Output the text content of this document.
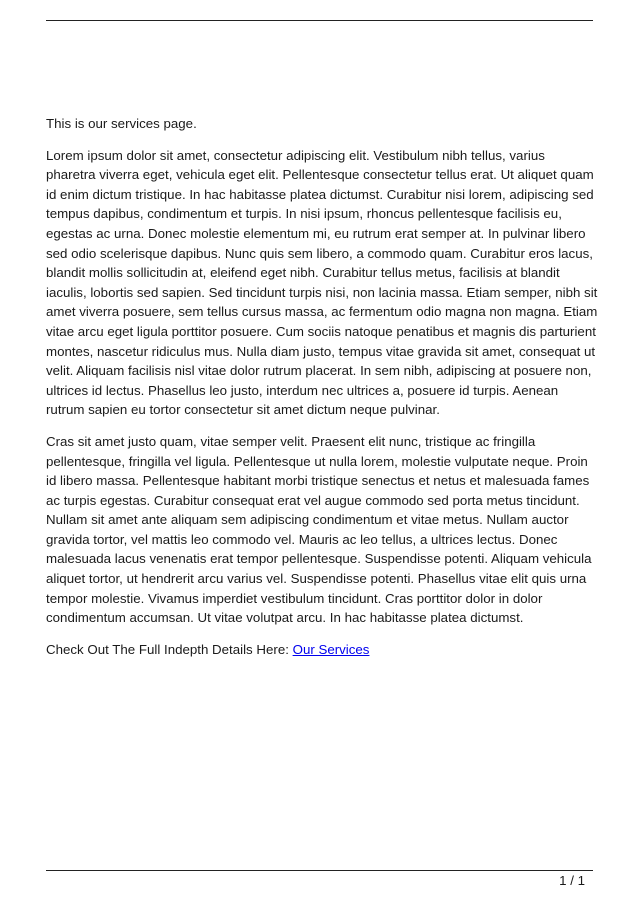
This is our services page.

Lorem ipsum dolor sit amet, consectetur adipiscing elit. Vestibulum nibh tellus, varius pharetra viverra eget, vehicula eget elit. Pellentesque consectetur tellus erat. Ut aliquet quam id enim dictum tristique. In hac habitasse platea dictumst. Curabitur nisi lorem, adipiscing sed tempus dapibus, condimentum et turpis. In nisi ipsum, rhoncus pellentesque facilisis eu, egestas ac urna. Donec molestie elementum mi, eu rutrum erat semper at. In pulvinar libero sed odio scelerisque dapibus. Nunc quis sem libero, a commodo quam. Curabitur eros lacus, blandit mollis sollicitudin at, eleifend eget nibh. Curabitur tellus metus, facilisis at blandit iaculis, lobortis sed sapien. Sed tincidunt turpis nisi, non lacinia massa. Etiam semper, nibh sit amet viverra posuere, sem tellus cursus massa, ac fermentum odio magna non magna. Etiam vitae arcu eget ligula porttitor posuere. Cum sociis natoque penatibus et magnis dis parturient montes, nascetur ridiculus mus. Nulla diam justo, tempus vitae gravida sit amet, consequat ut velit. Aliquam facilisis nisl vitae dolor rutrum placerat. In sem nibh, adipiscing at posuere non, ultrices id lectus. Phasellus leo justo, interdum nec ultrices a, posuere id turpis. Aenean rutrum sapien eu tortor consectetur sit amet dictum neque pulvinar.

Cras sit amet justo quam, vitae semper velit. Praesent elit nunc, tristique ac fringilla pellentesque, fringilla vel ligula. Pellentesque ut nulla lorem, molestie vulputate neque. Proin id libero massa. Pellentesque habitant morbi tristique senectus et netus et malesuada fames ac turpis egestas. Curabitur consequat erat vel augue commodo sed porta metus tincidunt. Nullam sit amet ante aliquam sem adipiscing condimentum et vitae metus. Nullam auctor gravida tortor, vel mattis leo commodo vel. Mauris ac leo tellus, a ultrices lectus. Donec malesuada lacus venenatis erat tempor pellentesque. Suspendisse potenti. Aliquam vehicula aliquet tortor, ut hendrerit arcu varius vel. Suspendisse potenti. Phasellus vitae elit quis urna tempor molestie. Vivamus imperdiet vestibulum tincidunt. Cras porttitor dolor in dolor condimentum accumsan. Ut vitae volutpat arcu. In hac habitasse platea dictumst.

Check Out The Full Indepth Details Here: Our Services

1 / 1
